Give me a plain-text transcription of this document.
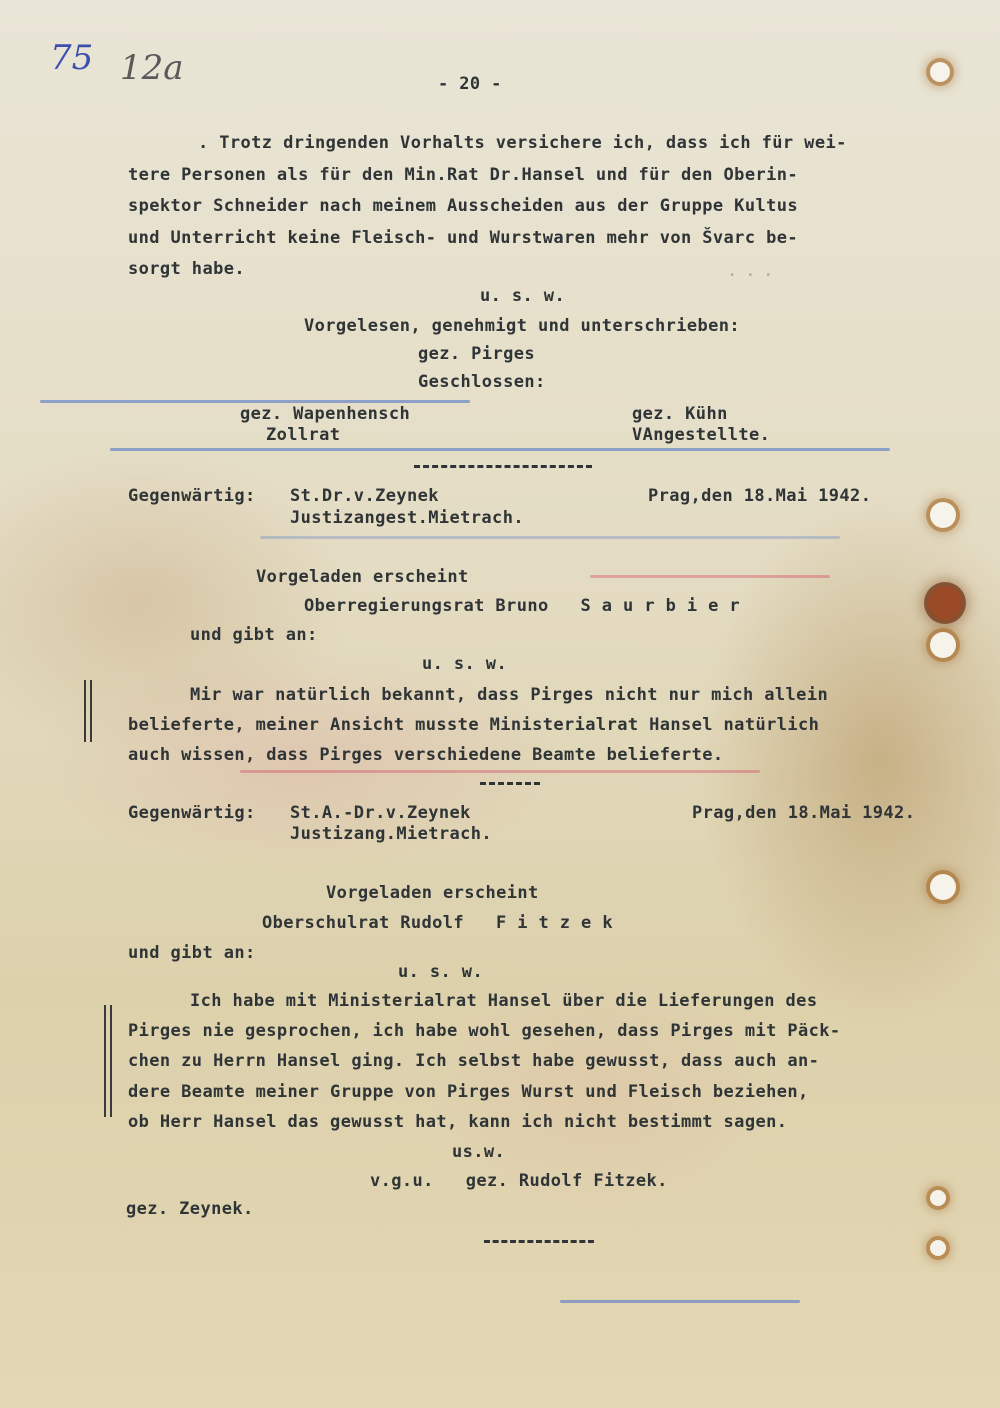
. . .
75 12a	- 20 -

. Trotz dringenden Vorhalts versichere ich, dass ich für wei-

tere Personen als für den Min.Rat Dr.Hansel und für den Oberin-

spektor Schneider nach meinem Ausscheiden aus der Gruppe Kultus

und Unterricht keine Fleisch- und Wurstwaren mehr von Švarc be-

sorgt habe.

u. s. w.

Vorgelesen, genehmigt und unterschrieben:

gez. Pirges

Geschlossen:

gez. Wapenhensch

Zollrat

gez. Kühn

VAngestellte.

Gegenwärtig: St.Dr.v.Zeynek

Justizangest.Mietrach.

Prag,den 18.Mai 1942.

Vorgeladen erscheint

Oberregierungsrat Bruno   S a u r b i e r

und gibt an:

u. s. w.

Mir war natürlich bekannt, dass Pirges nicht nur mich allein

belieferte, meiner Ansicht musste Ministerialrat Hansel natürlich

auch wissen, dass Pirges verschiedene Beamte belieferte.

Gegenwärtig: St.A.-Dr.v.Zeynek

Justizang.Mietrach.

Prag,den 18.Mai 1942.

Vorgeladen erscheint

Oberschulrat Rudolf   F i t z e k

und gibt an:

u. s. w.

Ich habe mit Ministerialrat Hansel über die Lieferungen des

Pirges nie gesprochen, ich habe wohl gesehen, dass Pirges mit Päck-

chen zu Herrn Hansel ging. Ich selbst habe gewusst, dass auch an-

dere Beamte meiner Gruppe von Pirges Wurst und Fleisch beziehen,

ob Herr Hansel das gewusst hat, kann ich nicht bestimmt sagen.

us.w.

v.g.u.   gez. Rudolf Fitzek.

gez. Zeynek.
